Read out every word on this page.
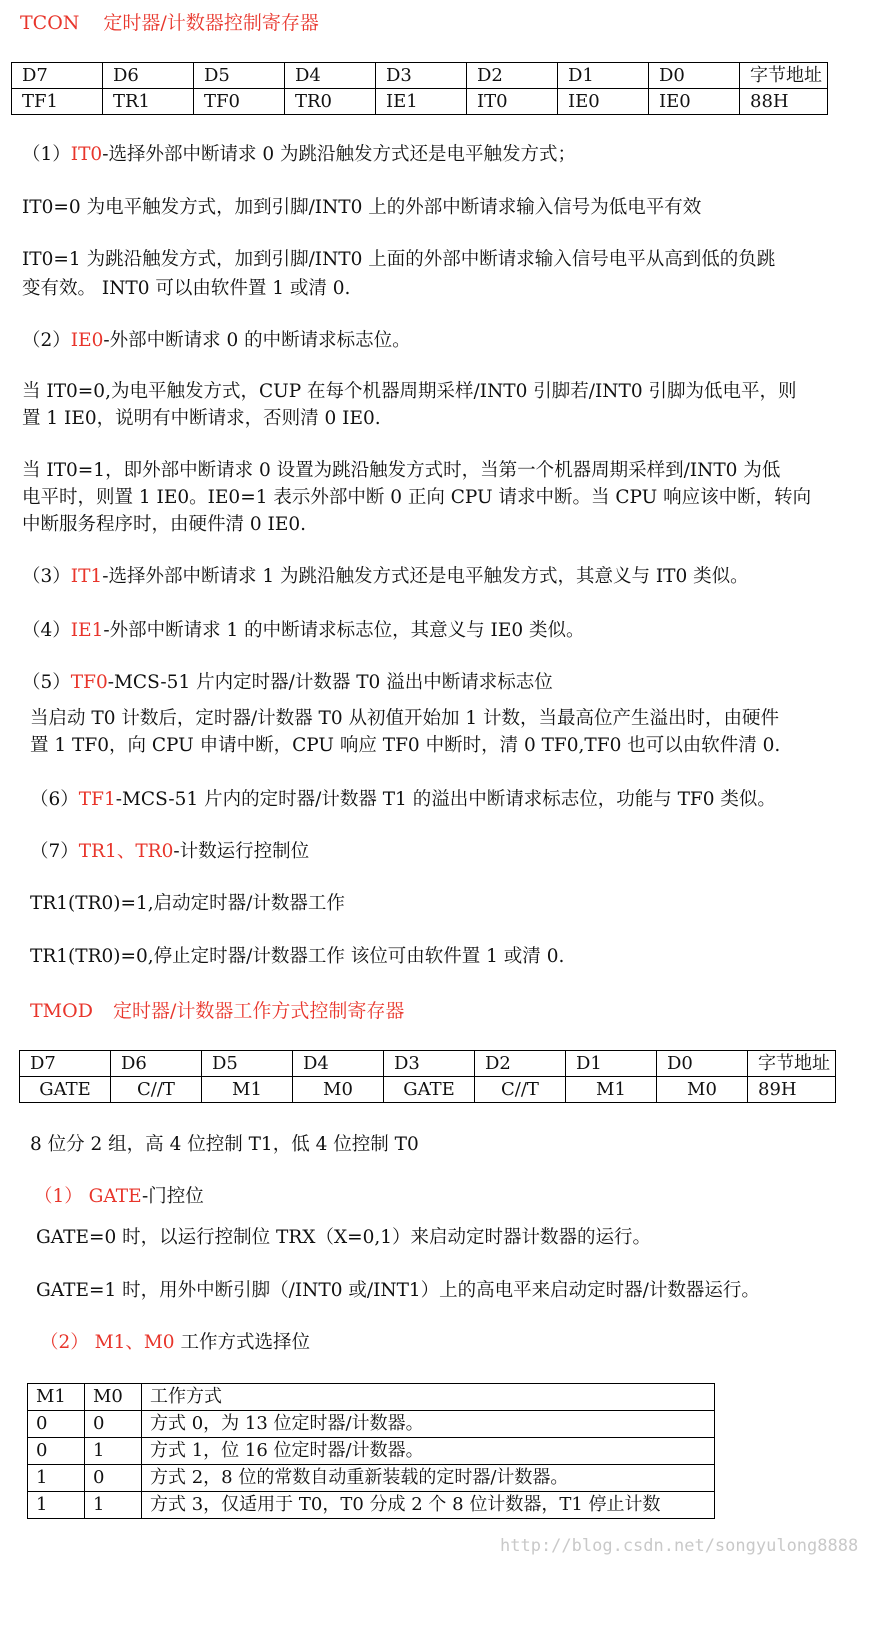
TCON 定时器/计数器控制寄存器
D7	D6	D5	D4	D3	D2	D1	D0	字节地址
TF1	TR1	TF0	TR0	IE1	IT0	IE0	IE0	88H
（1）IT0-选择外部中断请求 0 为跳沿触发方式还是电平触发方式；
IT0=0 为电平触发方式，加到引脚/INT0 上的外部中断请求输入信号为低电平有效
IT0=1 为跳沿触发方式，加到引脚/INT0 上面的外部中断请求输入信号电平从高到低的负跳
变有效。 INT0 可以由软件置 1 或清 0.
（2）IE0-外部中断请求 0 的中断请求标志位。
当 IT0=0,为电平触发方式，CUP 在每个机器周期采样/INT0 引脚若/INT0 引脚为低电平，则
置 1 IE0，说明有中断请求，否则清 0 IE0.
当 IT0=1，即外部中断请求 0 设置为跳沿触发方式时，当第一个机器周期采样到/INT0 为低
电平时，则置 1 IE0。IE0=1 表示外部中断 0 正向 CPU 请求中断。当 CPU 响应该中断，转向
中断服务程序时，由硬件清 0 IE0.
（3）IT1-选择外部中断请求 1 为跳沿触发方式还是电平触发方式，其意义与 IT0 类似。
（4）IE1-外部中断请求 1 的中断请求标志位，其意义与 IE0 类似。
（5）TF0-MCS-51 片内定时器/计数器 T0 溢出中断请求标志位
当启动 T0 计数后，定时器/计数器 T0 从初值开始加 1 计数，当最高位产生溢出时，由硬件
置 1 TF0，向 CPU 申请中断，CPU 响应 TF0 中断时，清 0 TF0,TF0 也可以由软件清 0.
（6）TF1-MCS-51 片内的定时器/计数器 T1 的溢出中断请求标志位，功能与 TF0 类似。
（7）TR1、TR0-计数运行控制位
TR1(TR0)=1,启动定时器/计数器工作
TR1(TR0)=0,停止定时器/计数器工作 该位可由软件置 1 或清 0.
TMOD 定时器/计数器工作方式控制寄存器
D7	D6	D5	D4	D3	D2	D1	D0	字节地址
GATE	C//T	M1	M0	GATE	C//T	M1	M0	89H
8 位分 2 组，高 4 位控制 T1，低 4 位控制 T0
（1） GATE-门控位
GATE=0 时，以运行控制位 TRX（X=0,1）来启动定时器计数器的运行。
GATE=1 时，用外中断引脚（/INT0 或/INT1）上的高电平来启动定时器/计数器运行。
（2） M1、M0 工作方式选择位
M1	M0	工作方式
0	0	方式 0，为 13 位定时器/计数器。
0	1	方式 1，位 16 位定时器/计数器。
1	0	方式 2，8 位的常数自动重新装载的定时器/计数器。
1	1	方式 3，仅适用于 T0，T0 分成 2 个 8 位计数器，T1 停止计数
http://blog.csdn.net/songyulong8888
